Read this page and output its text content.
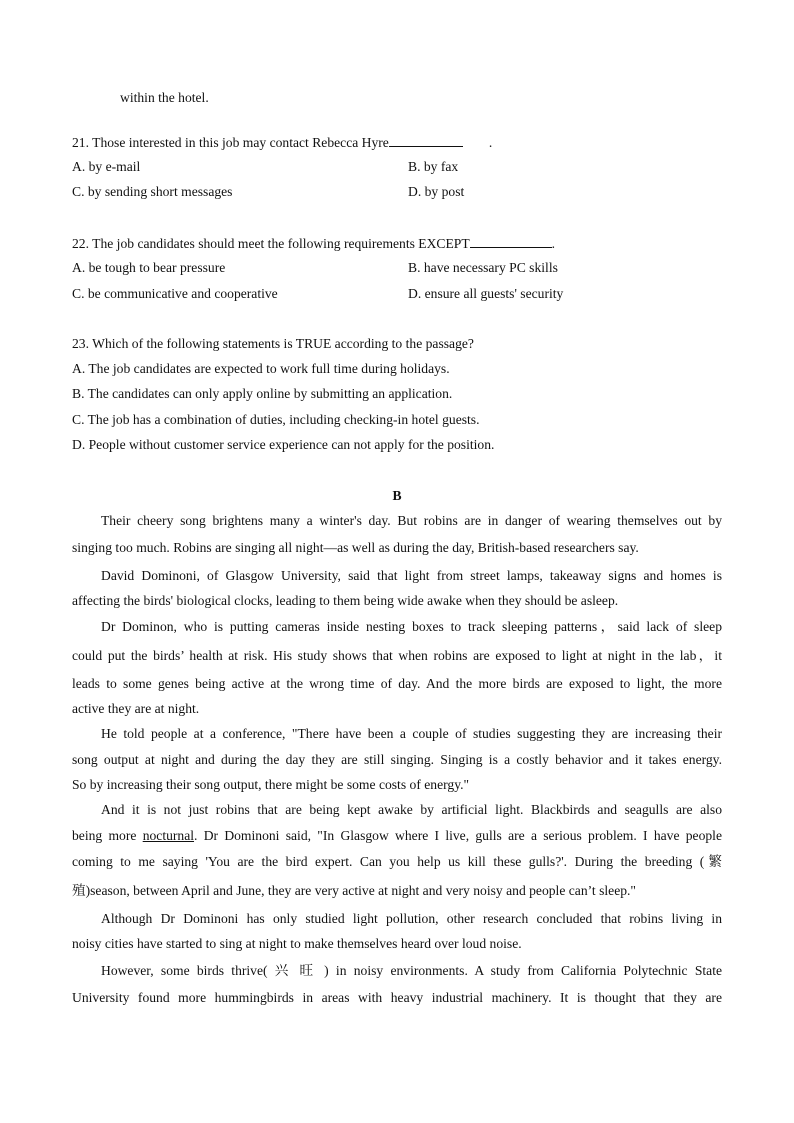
within the hotel.
21. Those interested in this job may contact Rebecca Hyre	.
A. by e-mail	B. by fax
C. by sending short messages	D. by post
22. The job candidates should meet the following requirements EXCEPT	.
A. be tough to bear pressure	B. have necessary PC skills
C. be communicative and cooperative	D. ensure all guests' security
23. Which of the following statements is TRUE according to the passage?
A. The job candidates are expected to work full time during holidays.
B. The candidates can only apply online by submitting an application.
C. The job has a combination of duties, including checking-in hotel guests.
D. People without customer service experience can not apply for the position.
B
Their cheery song brightens many a winter's day. But robins are in danger of wearing themselves out by
singing too much. Robins are singing all night—as well as during the day, British-based researchers say.
David Dominoni, of Glasgow University, said that light from street lamps, takeaway signs and homes is
affecting the birds' biological clocks, leading to them being wide awake when they should be asleep.
Dr Dominon, who is putting cameras inside nesting boxes to track sleeping patterns，said lack of sleep
could put the birds’ health at risk. His study shows that when robins are exposed to light at night in the lab，it
leads to some genes being active at the wrong time of day. And the more birds are exposed to light, the more
active they are at night.
He told people at a conference, "There have been a couple of studies suggesting they are increasing their
song output at night and during the day they are still singing. Singing is a costly behavior and it takes energy.
So by increasing their song output, there might be some costs of energy."
And it is not just robins that are being kept awake by artificial light. Blackbirds and seagulls are also
being more nocturnal. Dr Dominoni said, "In Glasgow where I live, gulls are a serious problem. I have people
coming to me saying 'You are the bird expert. Can you help us kill these gulls?'. During the breeding (繁
殖)season, between April and June, they are very active at night and very noisy and people can’t sleep."
Although Dr Dominoni has only studied light pollution, other research concluded that robins living in
noisy cities have started to sing at night to make themselves heard over loud noise.
However, some birds thrive( 兴 旺 ) in noisy environments. A study from California Polytechnic State
University found more hummingbirds in areas with heavy industrial machinery. It is thought that they are
